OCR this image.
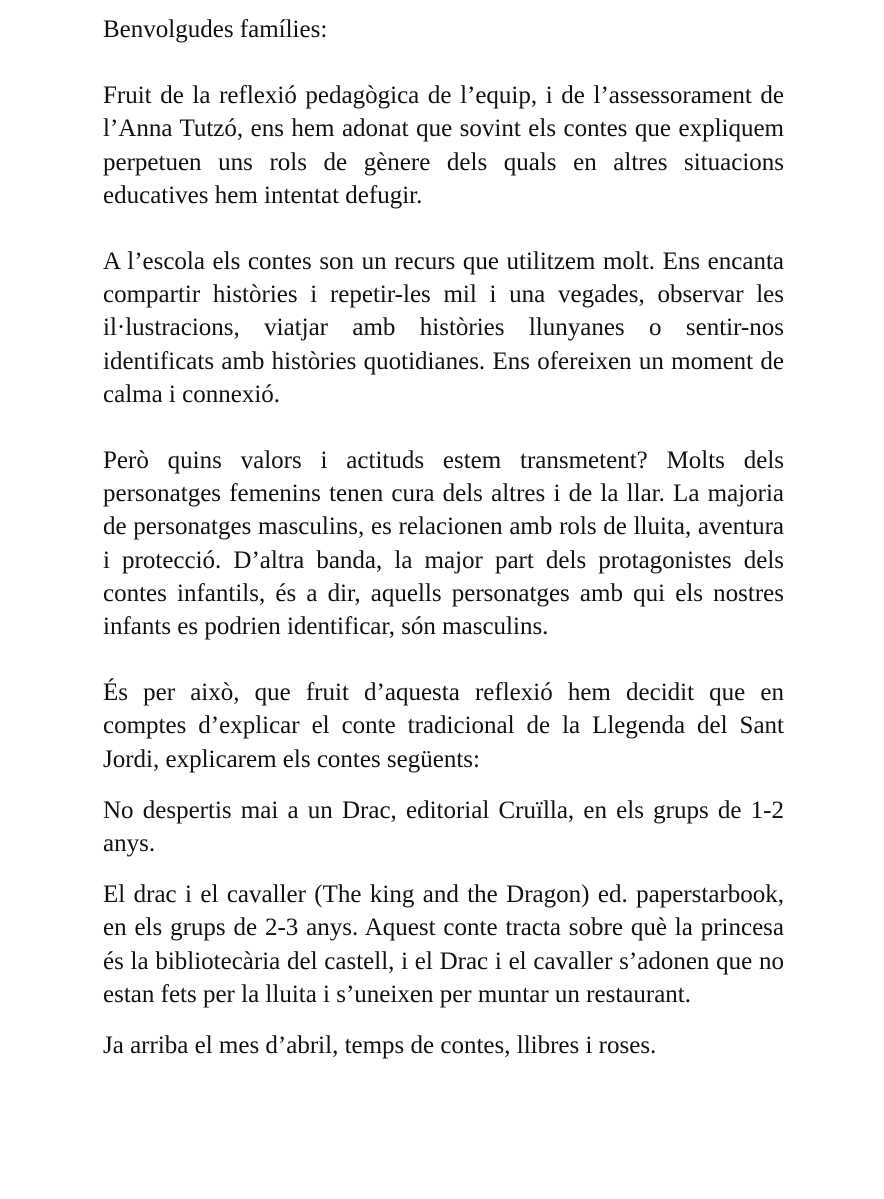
Benvolgudes famílies:

Fruit de la reflexió pedagògica de l’equip, i de l’assessorament de l’Anna Tutzó, ens hem adonat que sovint els contes que expliquem perpetuen uns rols de gènere dels quals en altres situacions educatives hem intentat defugir.

A l’escola els contes son un recurs que utilitzem molt. Ens encanta compartir històries i repetir-les mil i una vegades, observar les il·lustracions, viatjar amb històries llunyanes o sentir-nos identificats amb històries quotidianes. Ens ofereixen un moment de calma i connexió.

Però quins valors i actituds estem transmetent? Molts dels personatges femenins tenen cura dels altres i de la llar. La majoria de personatges masculins, es relacionen amb rols de lluita, aventura i protecció. D’altra banda, la major part dels protagonistes dels contes infantils, és a dir, aquells personatges amb qui els nostres infants es podrien identificar, són masculins.

És per això, que fruit d’aquesta reflexió hem decidit que en comptes d’explicar el conte tradicional de la Llegenda del Sant Jordi, explicarem els contes següents:

No despertis mai a un Drac, editorial Cruïlla, en els grups de 1-2 anys.

El drac i el cavaller (The king and the Dragon) ed. paperstarbook, en els grups de 2-3 anys. Aquest conte tracta sobre què la princesa és la bibliotecària del castell, i el Drac i el cavaller s’adonen que no estan fets per la lluita i s’uneixen per muntar un restaurant.

Ja arriba el mes d’abril, temps de contes, llibres i roses.
